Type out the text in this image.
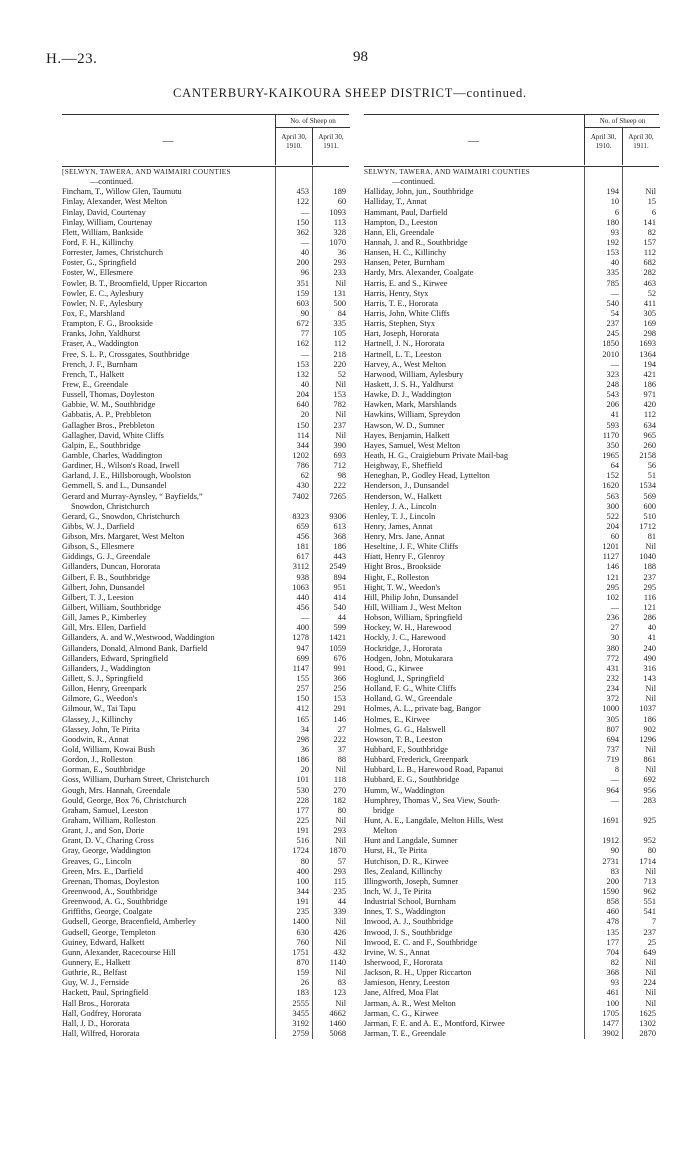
H.—23.	98
CANTERBURY-KAIKOURA SHEEP DISTRICT—continued.
—
No. of Sheep on
April 30, 1910.
April 30, 1911.
[SELWYN, TAWERA, AND WAIMAIRI COUNTIES
—continued.
Fincham, T., Willow Glen, Taumutu	453	189
Finlay, Alexander, West Melton	122	60
Finlay, David, Courtenay	—	1093
Finlay, William, Courtenay	150	113
Flett, William, Bankside	362	328
Ford, F. H., Killinchy	—	1070
Forrester, James, Christchurch	40	36
Foster, G., Springfield	200	293
Foster, W., Ellesmere	96	233
Fowler, B. T., Broomfield, Upper Riccarton	351	Nil
Fowler, E. C., Aylesbury	159	131
Fowler, N. F., Aylesbury	603	500
Fox, F., Marshland	90	84
Frampton, F. G., Brookside	672	335
Franks, John, Yaldhurst	77	105
Fraser, A., Waddington	162	112
Free, S. L. P., Crossgates, Southbridge	—	218
French, J. F., Burnham	153	220
French, T., Halkett	132	52
Frew, E., Greendale	40	Nil
Fussell, Thomas, Doyleston	204	153
Gabbie, W. M., Southbridge	640	782
Gabbatis, A. P., Prebbleton	20	Nil
Gallagher Bros., Prebbleton	150	237
Gallagher, David, White Cliffs	114	Nil
Galpin, E., Southbridge	344	390
Gamble, Charles, Waddington	1202	693
Gardiner, H., Wilson's Road, Irwell	786	712
Garland, J. E., Hillsborough, Woolston	62	98
Gemmell, S. and L., Dunsandel	430	222
Gerard and Murray-Aynsley, “ Bayfields,”	7402	7265
Snowdon, Christchurch
Gerard, G., Snowdon, Christchurch	8323	9306
Gibbs, W. J., Darfield	659	613
Gibson, Mrs. Margaret, West Melton	456	368
Gibson, S., Ellesmere	181	186
Giddings, G. J., Greendale	617	443
Gillanders, Duncan, Hororata	3112	2549
Gilbert, F. B., Southbridge	938	894
Gilbert, John, Dunsandel	1063	951
Gilbert, T. J., Leeston	440	414
Gilbert, William, Southbridge	456	540
Gill, James P., Kimberley	—	44
Gill, Mrs. Ellen, Darfield	400	599
Gillanders, A. and W.,Westwood, Waddington	1278	1421
Gillanders, Donald, Almond Bank, Darfield	947	1059
Gillanders, Edward, Springfield	699	676
Gillanders, J., Waddington	1147	991
Gillett, S. J., Springfield	155	366
Gillon, Henry, Greenpark	257	256
Gilmore, G., Weedon's	150	153
Gilmour, W., Tai Tapu	412	291
Glassey, J., Killinchy	165	146
Glassey, John, Te Pirita	34	27
Goodwin, R., Annat	298	222
Gold, William, Kowai Bush	36	37
Gordon, J., Rolleston	186	88
Gorman, E., Southbridge	20	Nil
Goss, William, Durham Street, Christchurch	101	118
Gough, Mrs. Hannah, Greendale	530	270
Gould, George, Box 76, Christchurch	228	182
Graham, Samuel, Leeston	177	80
Graham, William, Rolleston	225	Nil
Grant, J., and Son, Dorie	191	293
Grant, D. V., Charing Cross	516	Nil
Gray, George, Waddington	1724	1870
Greaves, G., Lincoln	80	57
Green, Mrs. E., Darfield	400	293
Greenan, Thomas, Doyleston	100	115
Greenwood, A., Southbridge	344	235
Greenwood, A. G., Southbridge	191	44
Griffiths, George, Coalgate	235	339
Gudsell, George, Bracenfield, Amberley	1400	Nil
Gudsell, George, Templeton	630	426
Guiney, Edward, Halkett	760	Nil
Gunn, Alexander, Racecourse Hill	1751	432
Gunnery, E., Halkett	870	1140
Guthrie, R., Belfast	159	Nil
Guy, W. J., Fernside	26	83
Hackett, Paul, Springfield	183	123
Hall Bros., Hororata	2555	Nil
Hall, Godfrey, Hororata	3455	4662
Hall, J. D., Hororata	3192	1460
Hall, Wilfred, Hororata	2759	5068
—
No. of Sheep on
April 30, 1910.
April 30, 1911.
SELWYN, TAWERA, AND WAIMAIRI COUNTIES
—continued.
Halliday, John, jun., Southbridge	194	Nil
Halliday, T., Annat	10	15
Hammant, Paul, Darfield	6	6
Hampton, D., Leeston	180	141
Hann, Eli, Greendale	93	82
Hannah, J. and R., Southbridge	192	157
Hansen, H. C., Killinchy	153	112
Hansen, Peter, Burnham	40	682
Hardy, Mrs. Alexander, Coalgate	335	282
Harris, E. and S., Kirwee	785	463
Harris, Henry, Styx	—	52
Harris, T. E., Hororata	540	411
Harris, John, White Cliffs	54	305
Harris, Stephen, Styx	237	169
Hart, Joseph, Hororata	245	298
Hartnell, J. N., Hororata	1850	1693
Hartnell, L. T., Leeston	2010	1364
Harvey, A., West Melton	—	194
Harwood, William, Aylesbury	323	421
Haskett, J. S. H., Yaldhurst	248	186
Hawke, D. J., Waddington	543	971
Hawken, Mark, Marshlands	206	420
Hawkins, William, Spreydon	41	112
Hawson, W. D., Sumner	593	634
Hayes, Benjamin, Halkett	1170	965
Hayes, Samuel, West Melton	350	260
Heath, H. G., Craigieburn Private Mail-bag	1965	2158
Heighway, F., Sheffield	64	56
Heneghan, P., Godley Head, Lyttelton	152	51
Henderson, J., Dunsandel	1620	1534
Henderson, W., Halkett	563	569
Henley, J. A., Lincoln	300	600
Henley, T. J., Lincoln	522	510
Henry, James, Annat	204	1712
Henry, Mrs. Jane, Annat	60	81
Heseltine, J. F., White Cliffs	1201	Nil
Hiatt, Henry F., Glenroy	1127	1040
Hight Bros., Brookside	146	188
Hight, F., Rolleston	121	237
Hight, T. W., Weedon's	295	295
Hill, Philip John, Dunsandel	102	116
Hill, William J., West Melton	—	121
Hobson, William, Springfield	236	286
Hockey, W. H., Harewood	27	40
Hockly, J. C., Harewood	30	41
Hockridge, J., Hororata	380	240
Hodgen, John, Motukarara	772	490
Hood, G., Kirwee	431	316
Hoglund, J., Springfield	232	143
Holland, F. G., White Cliffs	234	Nil
Holland, G. W., Greendale	372	Nil
Holmes, A. L., private bag, Bangor	1000	1037
Holmes, E., Kirwee	305	186
Holmes, G. G., Halswell	807	902
Howson, T. B., Leeston	694	1296
Hubbard, F., Southbridge	737	Nil
Hubbard, Frederick, Greenpark	719	861
Hubbard, L. B., Harewood Road, Papanui	8	Nil
Hubbard, E. G., Southbridge	—	692
Humm, W., Waddington	964	956
Humphrey, Thomas V., Sea View, South-	—	283
bridge
Hunt, A. E., Langdale, Melton Hills, West	1691	925
Melton
Hunt and Langdale, Sumner	1912	952
Hurst, H., Te Pirita	90	80
Hutchison, D. R., Kirwee	2731	1714
Iles, Zealand, Killinchy	83	Nil
Illingworth, Joseph, Sumner	200	713
Inch, W. J., Te Pirita	1590	962
Industrial School, Burnham	858	551
Innes, T. S., Waddington	460	541
Inwood, A. J., Southbridge	478	7
Inwood, J. S., Southbridge	135	237
Inwood, E. C. and F., Southbridge	177	25
Irvine, W. S., Annat	704	649
Isherwood, F., Hororata	82	Nil
Jackson, R. H., Upper Riccarton	368	Nil
Jamieson, Henry, Leeston	93	224
Jane, Alfred, Moa Flat	461	Nil
Jarman, A. R., West Melton	100	Nil
Jarman, C. G., Kirwee	1705	1625
Jarman, F. E. and A. E., Montford, Kirwee	1477	1302
Jarman, T. E., Greendale	3902	2870
